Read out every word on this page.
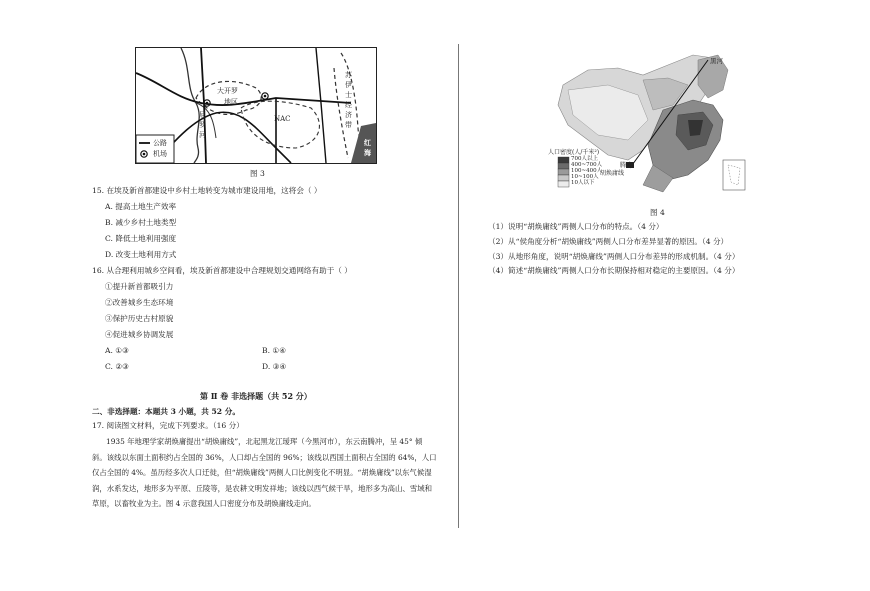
大开罗
地区
NAC
苏
伊
士
经
济
带
尼
罗
河
红
海
公路
机场
图 3
15. 在埃及新首都建设中乡村土地转变为城市建设用地，这将会（ ）
A. 提高土地生产效率
B. 减少乡村土地类型
C. 降低土地利用强度
D. 改变土地利用方式
16. 从合理利用城乡空间看，埃及新首都建设中合理规划交通网络有助于（ ）
①提升新首都吸引力
②改善城乡生态环境
③保护历史古村原貌
④促进城乡协调发展
A. ①③	B. ①④
C. ②③	D. ③④
第 Ⅱ 卷 非选择题（共 52 分）
二、非选择题：本题共 3 小题，共 52 分。
17. 阅读图文材料，完成下列要求。（16 分）
1935 年地理学家胡焕庸提出“胡焕庸线”，北起黑龙江瑷珲（今黑河市），东云南腾冲，呈 45° 倾斜。该线以东面土面积约占全国的 36%，人口却占全国的 96%；该线以西国土面积占全国的 64%，人口仅占全国的 4%。虽历经多次人口迁徙，但“胡焕庸线”两侧人口比例变化不明显。“胡焕庸线”以东气候湿润，水系发达，地形多为平原、丘陵等，是农耕文明发祥地；该线以西气候干旱，地形多为高山、雪域和草原，以畜牧业为主。图 4 示意我国人口密度分布及胡焕庸线走向。
黑河
腾冲
胡焕庸线
人口密度(人/千米²)
700人以上
400~700人
100~400人
10~100人
10人以下
图 4
（1）说明“胡焕庸线”两侧人口分布的特点。（4 分）
（2）从“侯角度分析“胡焕庸线”两侧人口分布差异显著的原因。（4 分）
（3）从地形角度，说明“胡焕庸线”两侧人口分布差异的形成机制。（4 分）
（4）简述“胡焕庸线”两侧人口分布长期保持相对稳定的主要原因。（4 分）
